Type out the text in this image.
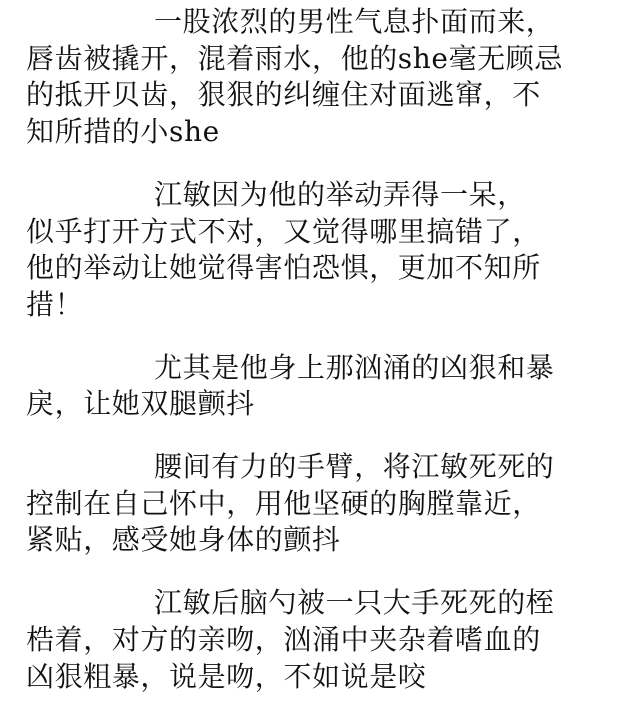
一股浓烈的男性气息扑面而来，
唇齿被撬开，混着雨水，他的she毫无顾忌
的抵开贝齿，狠狠的纠缠住对面逃窜，不
知所措的小she
江敏因为他的举动弄得一呆，
似乎打开方式不对，又觉得哪里搞错了，
他的举动让她觉得害怕恐惧，更加不知所
措！
尤其是他身上那汹涌的凶狠和暴
戾，让她双腿颤抖
腰间有力的手臂，将江敏死死的
控制在自己怀中，用他坚硬的胸膛靠近，
紧贴，感受她身体的颤抖
江敏后脑勺被一只大手死死的桎
梏着，对方的亲吻，汹涌中夹杂着嗜血的
凶狠粗暴，说是吻，不如说是咬
